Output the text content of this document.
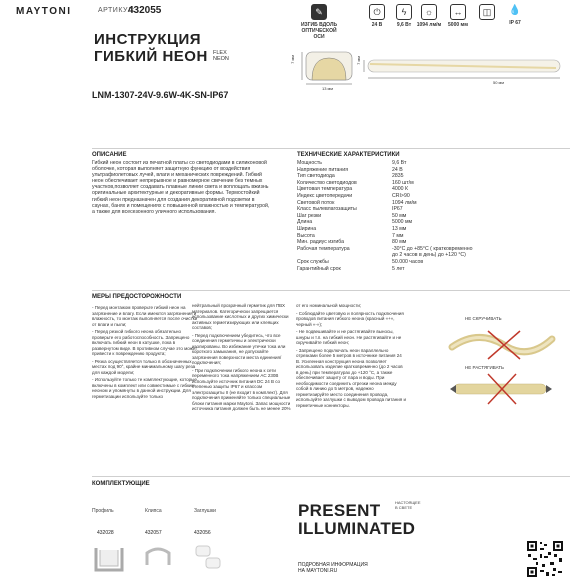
MAYTONI	АРТИКУЛ:
432055	✎
ИЗГИБ ВДОЛЬ ОПТИЧЕСКОЙ ОСИ
⏻
24 В
ϟ
9,6 Вт
☼
1094 лм/м
↔
5000 мм
◫	💧
IP 67
ИНСТРУКЦИЯ
ГИБКИЙ НЕОН FLEX
NEON	7 мм
13 мм
50 мм
7 мм
LNM-1307-24V-9.6W-4K-SN-IP67
ОПИСАНИЕ
Гибкий неон состоит из печатной платы со светодиодами в силиконовой оболочке, которая выполняет защитную функцию от воздействия ультрафиолетовых лучей, влаги и механических повреждений. Гибкий неон обеспечивает непрерывное и равномерное свечение без темных участков,позволяет создавать плавные линии света и воплощать вжизнь оригинальные архитектурные и декоративные формы. Термостойкий гибкий неон предназначен для создания декоративной подсветки в саунах, банях и помещениях с повышенной влажностью и температурой, а также для всесезонного уличного использования.
ТЕХНИЧЕСКИЕ ХАРАКТЕРИСТИКИ
Мощность	9,6 Вт
Напряжение питания	24 В
Тип светодиода	2835
Количество светодиодов	160 шт/м
Цветовая температура	4000 К
Индекс цветопередачи	CRI>90
Световой поток	1094 лм/м
Класс пылевлагозащиты	IP67
Шаг резки	50 мм
Длина	5000 мм
Ширина	13 мм
Высота	7 мм
Мин. радиус изгиба	80 мм
Рабочая температура	-30°С до +85°С ( кратковременно
до 2 часов в день) до +120 °С)
Срок службы	50.000 часов
Гарантийный срок	5 лет
МЕРЫ ПРЕДОСТОРОЖНОСТИ

- Перед монтажом проверьте гибкий неон на загрязнение и влагу. Если имеются загрязнения и влажность, то монтаж выполняется после очистки от влаги и пыли;

- Перед резкой гибкого неона обязательно проверьте его работоспособность. Запрещено включать гибкий неон в катушке, пока в развернутом виде. В противном случае это может привести к повреждению продукта;

- Резка осуществляется только в обозначенных местах под 90°, крайне минимальному шагу реза для каждой модели;

- Используйте только те комплектующие, которые включены в комплект или совместимые с гибким неоном и упомянуты в данной инструкции. Для герметизации используйте только

нейтральный прозрачный герметик для ПВХ материалов. Категорически запрещается использование кислотных и других химически активных герметизирующих или клеящих составов;

- Перед подключением убедитесь, что все соединения герметичны и электрически изолированы. Во избежание утечки тока или короткого замыкания, не допускайте загрязнения поверхности места единения/подключения;

- При подключении гибкого неона к сети переменного тока напряжением AC 230В используйте источник питания DC 24 В со степенью защиты IP67 и классом электрозащиты II (не входит в комплект). Для подключения применяйте только специальные блоки питания марки Maytoni. Запас мощности источника питания должен быть не менее 20%

от его номинальной мощности;

- Соблюдайте цветовую и полярность подключения проводов питания гибкого неона (красный «+», черный «-»);

- Не подвешивайте и не растягивайте выносы, шнуры и т.п. на гибкий неон. Не растягивайте и не скручивайте гибкий неон;

- Запрещено подключать неон параллельно отрезками более 5 метров в источнике питания 24 В. Усиленная конструкция неона позволяет использовать изделие кратковременно (до 2 часов в день) при температурах до +120 °С, а также обеспечивает защиту от пара и воды. При необходимости соединить отрезки неона между собой в линию до 5 метров, надежно герметизируйте место соединения провода, используйте заглушки с выводом провода питания и герметичные коннекторы.

НЕ СКРУЧИВАТЬ
НЕ РАСТЯГИВАТЬ
КОМПЛЕКТУЮЩИЕ
Профиль	Клипса	Заглушки
432028	432057	432056
PRESENT
ILLUMINATED
НАСТОЯЩЕЕ
В СВЕТЕ
ПОДРОБНАЯ ИНФОРМАЦИЯ
НА MAYTONI.RU
